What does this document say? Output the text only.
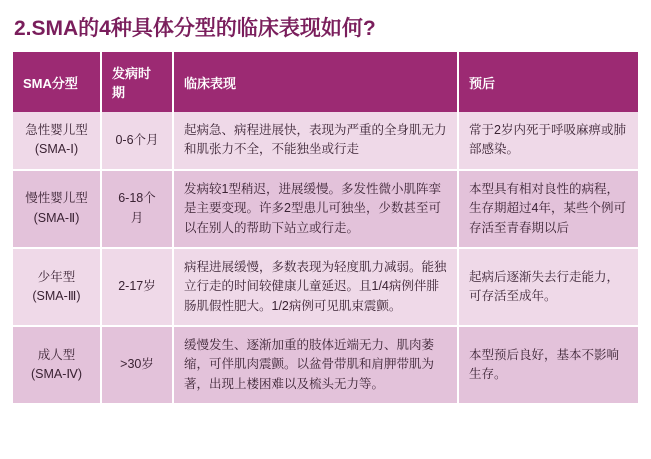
2.SMA的4种具体分型的临床表现如何?
SMA分型	发病时期	临床表现	预后

急性婴儿型
(SMA-Ⅰ)	0-6个月	起病急、病程进展快，表现为严重的全身肌无力和肌张力不全，不能独坐或行走	常于2岁内死于呼吸麻痹或肺部感染。

慢性婴儿型
(SMA-Ⅱ)	6-18个月	发病较1型稍迟，进展缓慢。多发性微小肌阵挛是主要变现。许多2型患儿可独坐，少数甚至可以在别人的帮助下站立或行走。	本型具有相对良性的病程，生存期超过4年，某些个例可存活至青春期以后

少年型
(SMA-Ⅲ)	2-17岁	病程进展缓慢，多数表现为轻度肌力减弱。能独立行走的时间较健康儿童延迟。且1/4病例伴腓肠肌假性肥大。1/2病例可见肌束震颤。	起病后逐渐失去行走能力，可存活至成年。

成人型
(SMA-Ⅳ)	>30岁	缓慢发生、逐渐加重的肢体近端无力、肌肉萎缩，可伴肌肉震颤。以盆骨带肌和肩胛带肌为著，出现上楼困难以及梳头无力等。	本型预后良好，基本不影响生存。
